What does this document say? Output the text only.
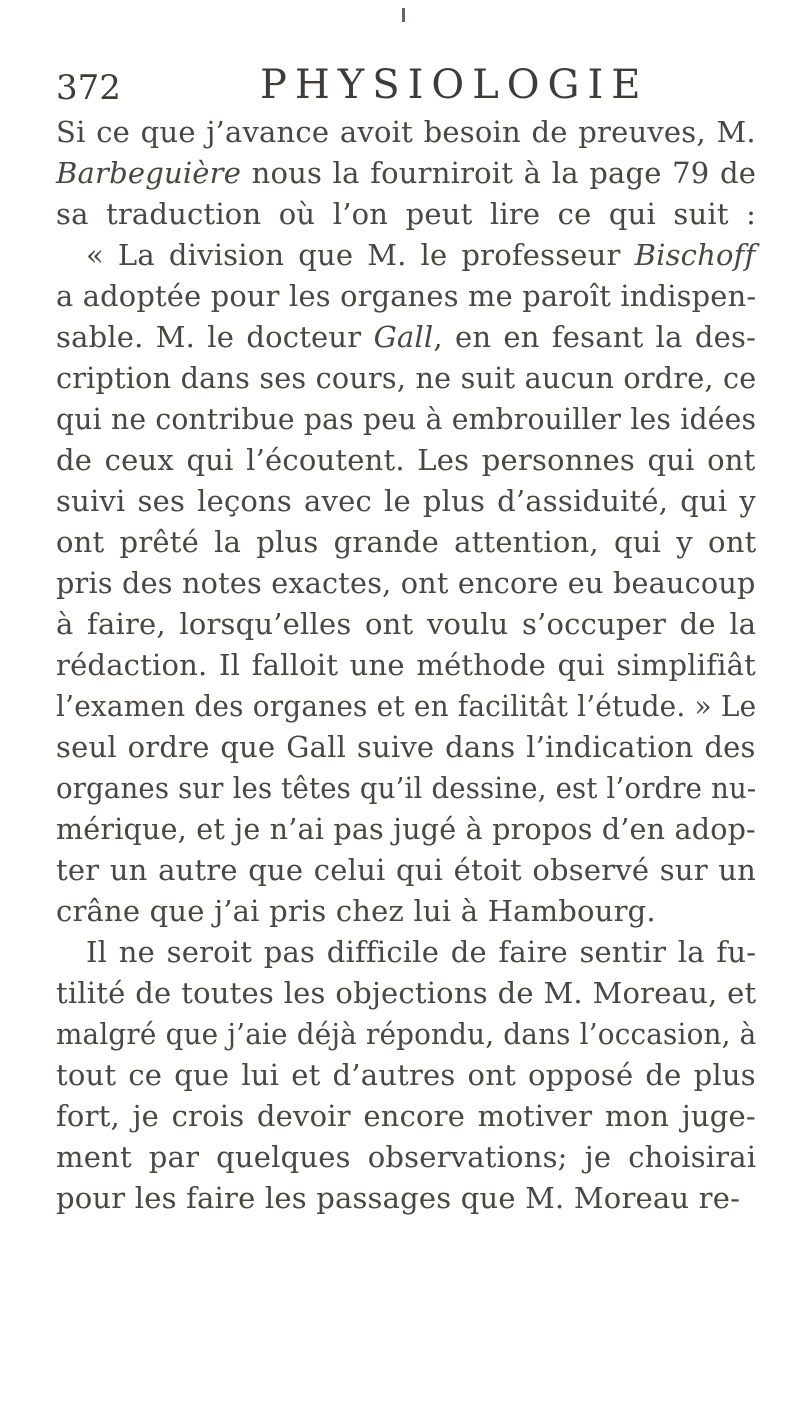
372	PHYSIOLOGIE
Si ce que j’avance avoit besoin de preuves, M.
Barbeguière nous la fourniroit à la page 79 de
sa traduction où l’on peut lire ce qui suit :
« La division que M. le professeur Bischoff
a adoptée pour les organes me paroît indispen-
sable. M. le docteur Gall, en en fesant la des-
cription dans ses cours, ne suit aucun ordre, ce
qui ne contribue pas peu à embrouiller les idées
de ceux qui l’écoutent. Les personnes qui ont
suivi ses leçons avec le plus d’assiduité, qui y
ont prêté la plus grande attention, qui y ont
pris des notes exactes, ont encore eu beaucoup
à faire, lorsqu’elles ont voulu s’occuper de la
rédaction. Il falloit une méthode qui simplifiât
l’examen des organes et en facilitât l’étude. » Le
seul ordre que Gall suive dans l’indication des
organes sur les têtes qu’il dessine, est l’ordre nu-
mérique, et je n’ai pas jugé à propos d’en adop-
ter un autre que celui qui étoit observé sur un
crâne que j’ai pris chez lui à Hambourg.
Il ne seroit pas difficile de faire sentir la fu-
tilité de toutes les objections de M. Moreau, et
malgré que j’aie déjà répondu, dans l’occasion, à
tout ce que lui et d’autres ont opposé de plus
fort, je crois devoir encore motiver mon juge-
ment par quelques observations; je choisirai
pour les faire les passages que M. Moreau re-
